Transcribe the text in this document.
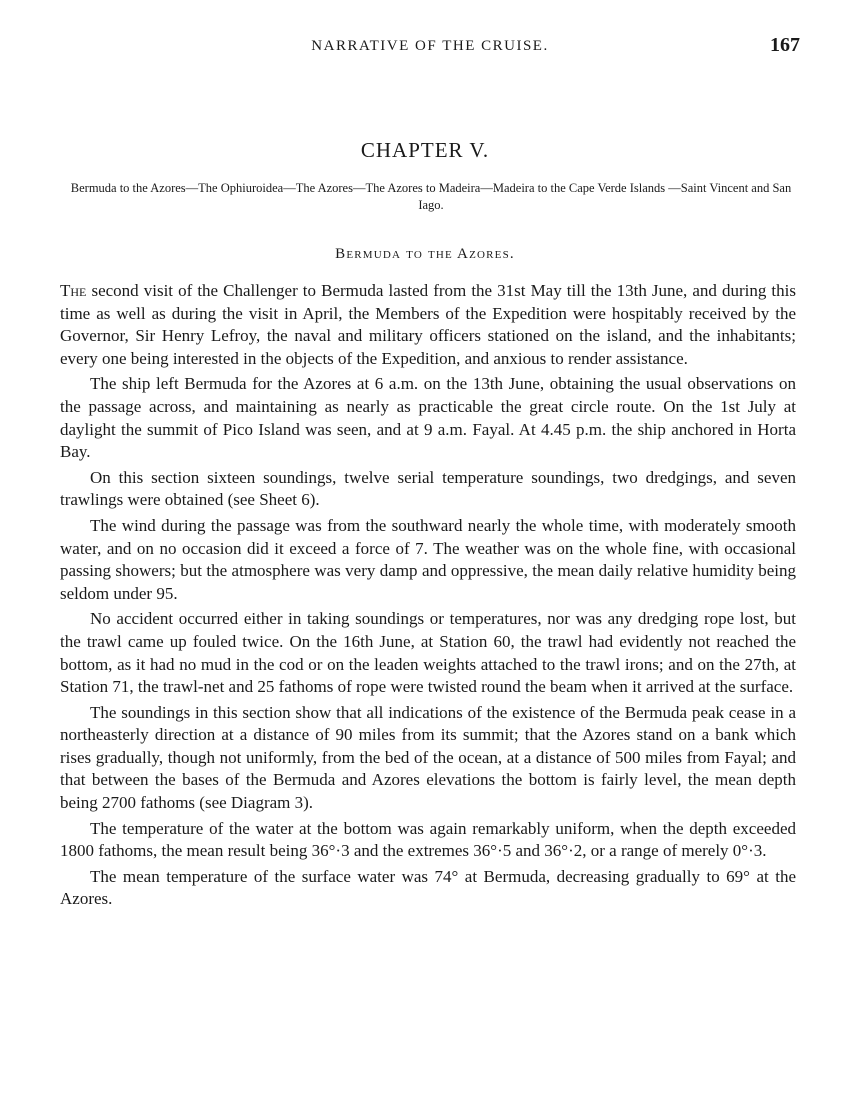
NARRATIVE OF THE CRUISE.	167
CHAPTER V.
Bermuda to the Azores—The Ophiuroidea—The Azores—The Azores to Madeira—Madeira to the Cape Verde Islands —Saint Vincent and San Iago.
Bermuda to the Azores.

The second visit of the Challenger to Bermuda lasted from the 31st May till the 13th June, and during this time as well as during the visit in April, the Members of the Expedition were hospitably received by the Governor, Sir Henry Lefroy, the naval and military officers stationed on the island, and the inhabitants; every one being interested in the objects of the Expedition, and anxious to render assistance.

The ship left Bermuda for the Azores at 6 a.m. on the 13th June, obtaining the usual observations on the passage across, and maintaining as nearly as practicable the great circle route. On the 1st July at daylight the summit of Pico Island was seen, and at 9 a.m. Fayal. At 4.45 p.m. the ship anchored in Horta Bay.

On this section sixteen soundings, twelve serial temperature soundings, two dredgings, and seven trawlings were obtained (see Sheet 6).

The wind during the passage was from the southward nearly the whole time, with moderately smooth water, and on no occasion did it exceed a force of 7. The weather was on the whole fine, with occasional passing showers; but the atmosphere was very damp and oppressive, the mean daily relative humidity being seldom under 95.

No accident occurred either in taking soundings or temperatures, nor was any dredging rope lost, but the trawl came up fouled twice. On the 16th June, at Station 60, the trawl had evidently not reached the bottom, as it had no mud in the cod or on the leaden weights attached to the trawl irons; and on the 27th, at Station 71, the trawl-net and 25 fathoms of rope were twisted round the beam when it arrived at the surface.

The soundings in this section show that all indications of the existence of the Bermuda peak cease in a northeasterly direction at a distance of 90 miles from its summit; that the Azores stand on a bank which rises gradually, though not uniformly, from the bed of the ocean, at a distance of 500 miles from Fayal; and that between the bases of the Bermuda and Azores elevations the bottom is fairly level, the mean depth being 2700 fathoms (see Diagram 3).

The temperature of the water at the bottom was again remarkably uniform, when the depth exceeded 1800 fathoms, the mean result being 36°·3 and the extremes 36°·5 and 36°·2, or a range of merely 0°·3.

The mean temperature of the surface water was 74° at Bermuda, decreasing gradually to 69° at the Azores.
